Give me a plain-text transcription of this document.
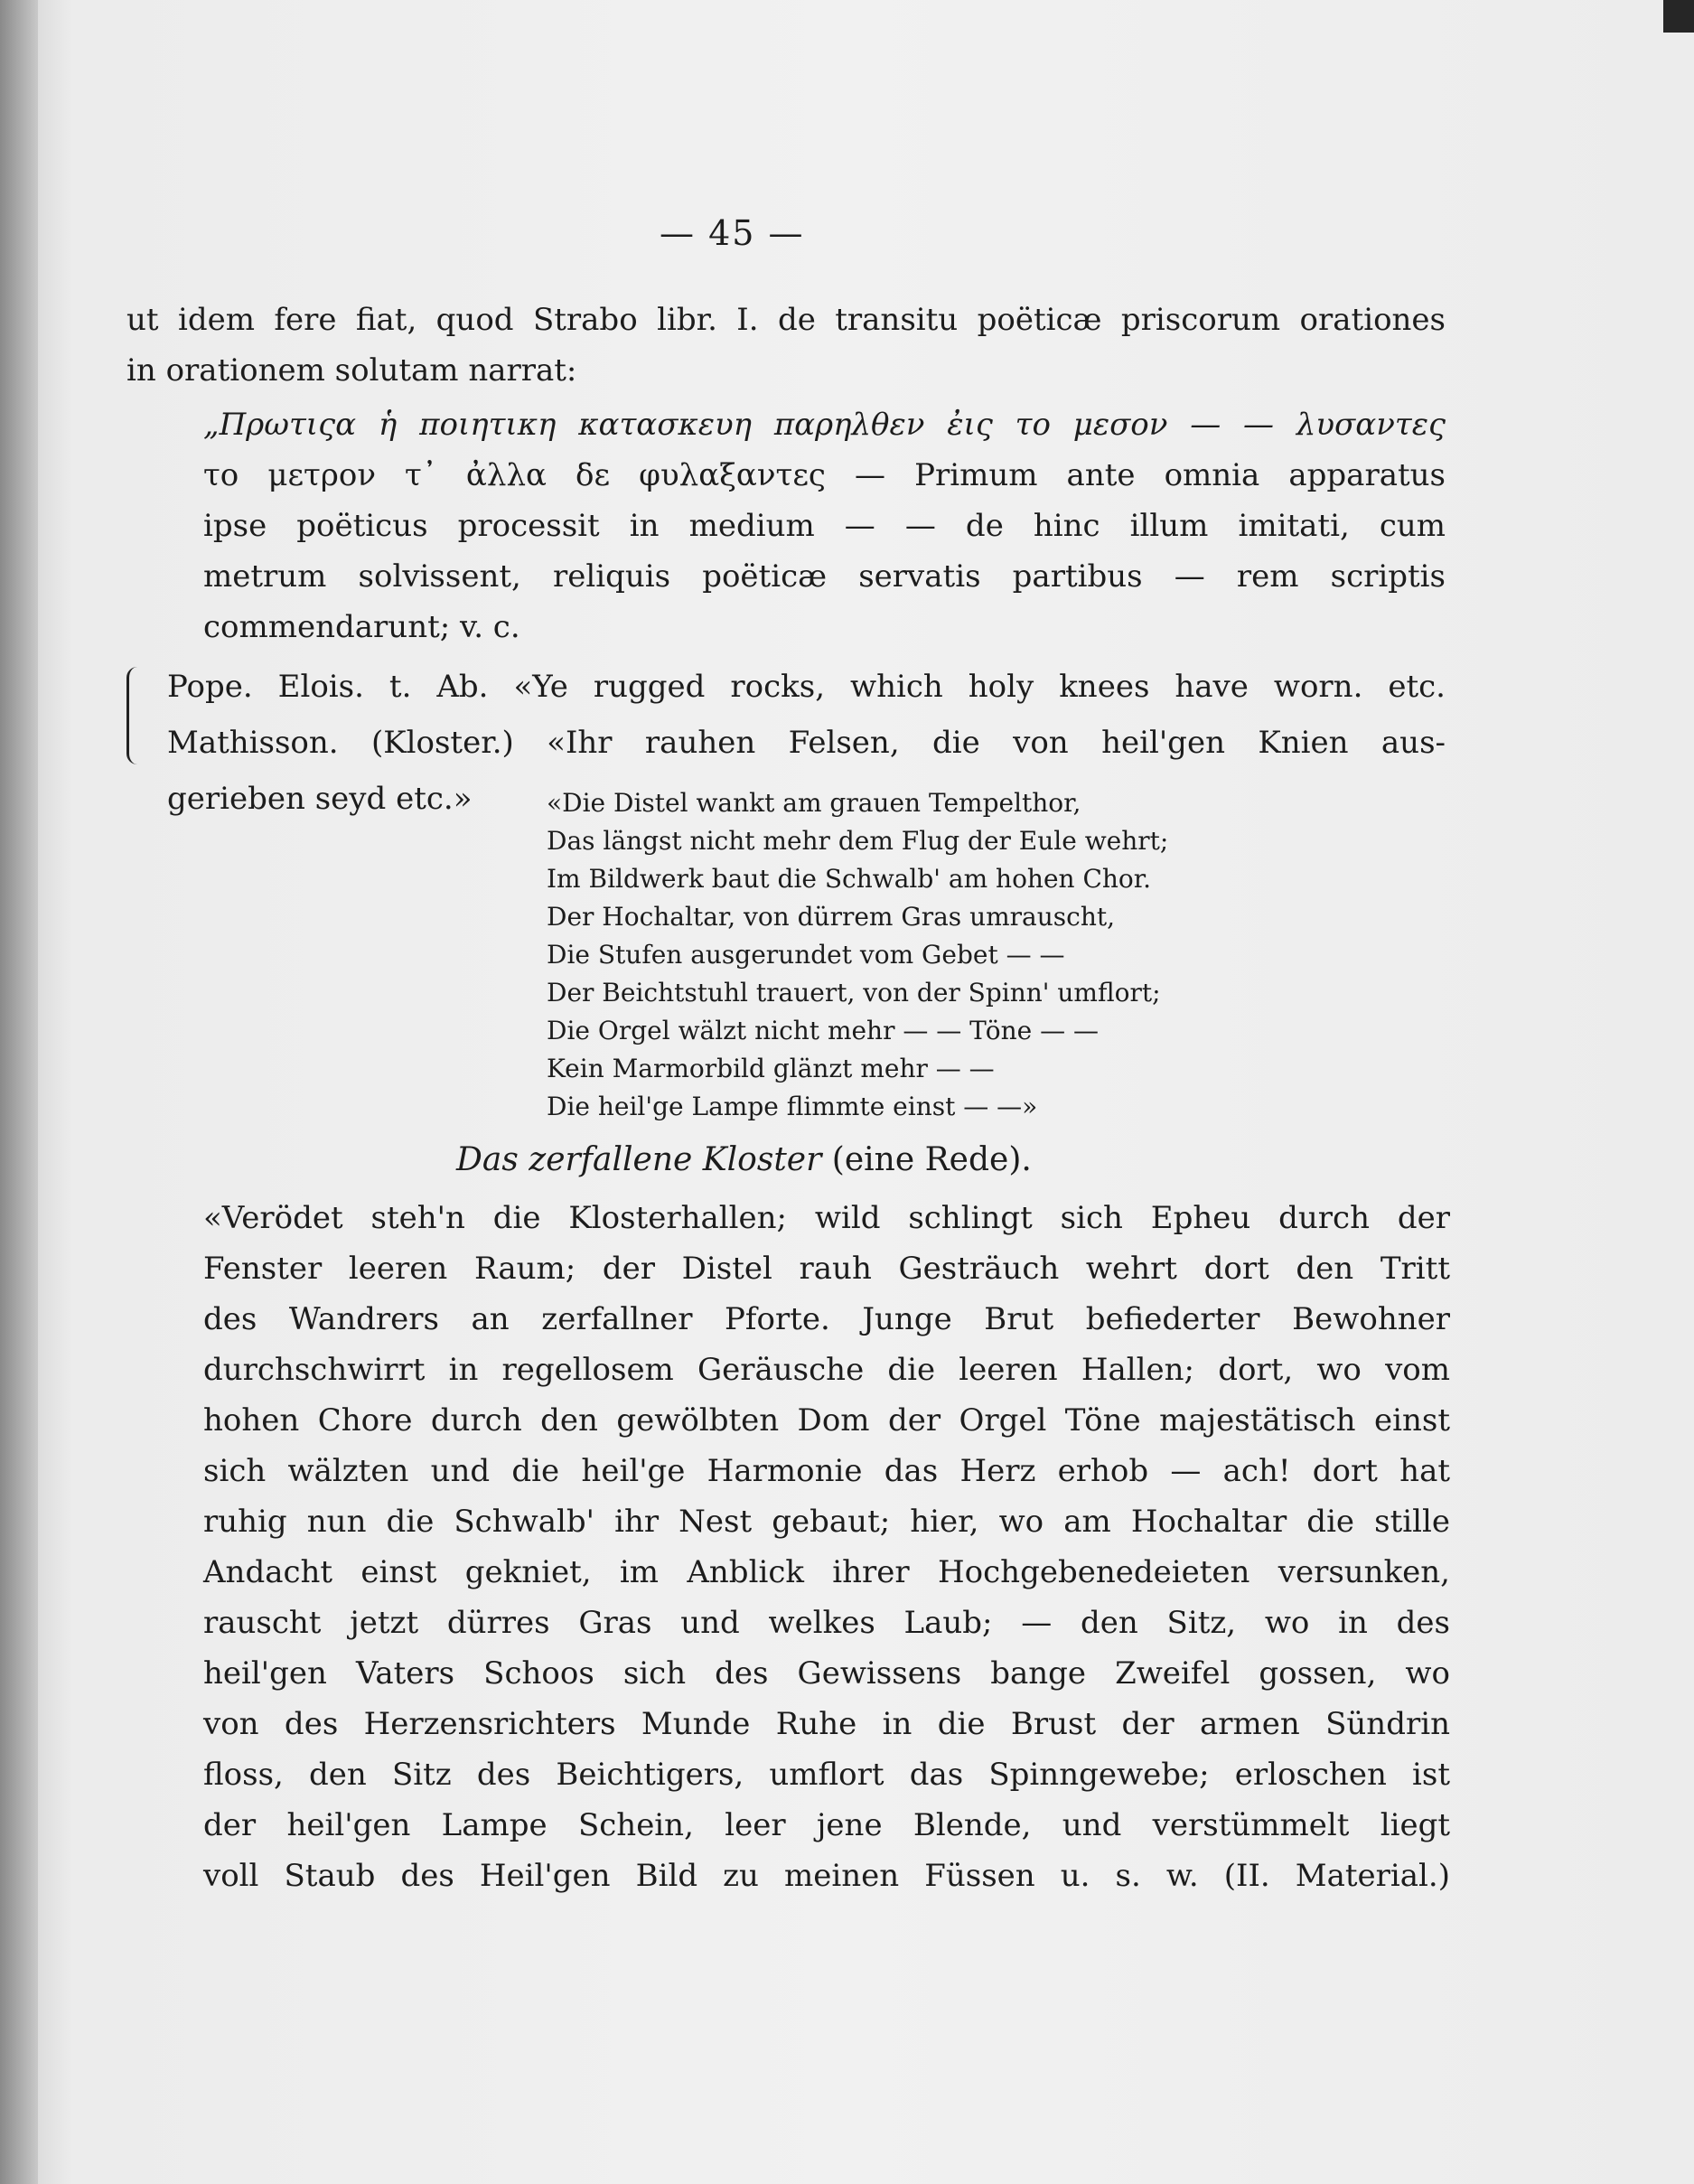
— 45 —
ut idem fere fiat, quod Strabo libr. I. de transitu poëticæ priscorum orationes
in orationem solutam narrat:
„Πρωτιςα ἡ ποιητικη κατασκευη παρηλθεν ἐις το μεσον — — λυσαντες
το μετρον τ᾿ ἀλλα δε φυλαξαντες — Primum ante omnia apparatus
ipse poëticus processit in medium — — de hinc illum imitati, cum
metrum solvissent, reliquis poëticæ servatis partibus — rem scriptis
commendarunt; v. c.
Pope. Elois. t. Ab. «Ye rugged rocks, which holy knees have worn. etc.
Mathisson. (Kloster.) «Ihr rauhen Felsen, die von heil'gen Knien aus-
gerieben seyd etc.»	«Die Distel wankt am grauen Tempelthor,
Das längst nicht mehr dem Flug der Eule wehrt;
Im Bildwerk baut die Schwalb' am hohen Chor.
Der Hochaltar, von dürrem Gras umrauscht,
Die Stufen ausgerundet vom Gebet — —
Der Beichtstuhl trauert, von der Spinn' umflort;
Die Orgel wälzt nicht mehr — — Töne — —
Kein Marmorbild glänzt mehr — —
Die heil'ge Lampe flimmte einst — —»
Das zerfallene Kloster (eine Rede).
«Verödet steh'n die Klosterhallen; wild schlingt sich Epheu durch der
Fenster leeren Raum; der Distel rauh Gesträuch wehrt dort den Tritt
des Wandrers an zerfallner Pforte. Junge Brut befiederter Bewohner
durchschwirrt in regellosem Geräusche die leeren Hallen; dort, wo vom
hohen Chore durch den gewölbten Dom der Orgel Töne majestätisch einst
sich wälzten und die heil'ge Harmonie das Herz erhob — ach! dort hat
ruhig nun die Schwalb' ihr Nest gebaut; hier, wo am Hochaltar die stille
Andacht einst gekniet, im Anblick ihrer Hochgebenedeieten versunken,
rauscht jetzt dürres Gras und welkes Laub; — den Sitz, wo in des
heil'gen Vaters Schoos sich des Gewissens bange Zweifel gossen, wo
von des Herzensrichters Munde Ruhe in die Brust der armen Sündrin
floss, den Sitz des Beichtigers, umflort das Spinngewebe; erloschen ist
der heil'gen Lampe Schein, leer jene Blende, und verstümmelt liegt
voll Staub des Heil'gen Bild zu meinen Füssen u. s. w. (II. Material.)
